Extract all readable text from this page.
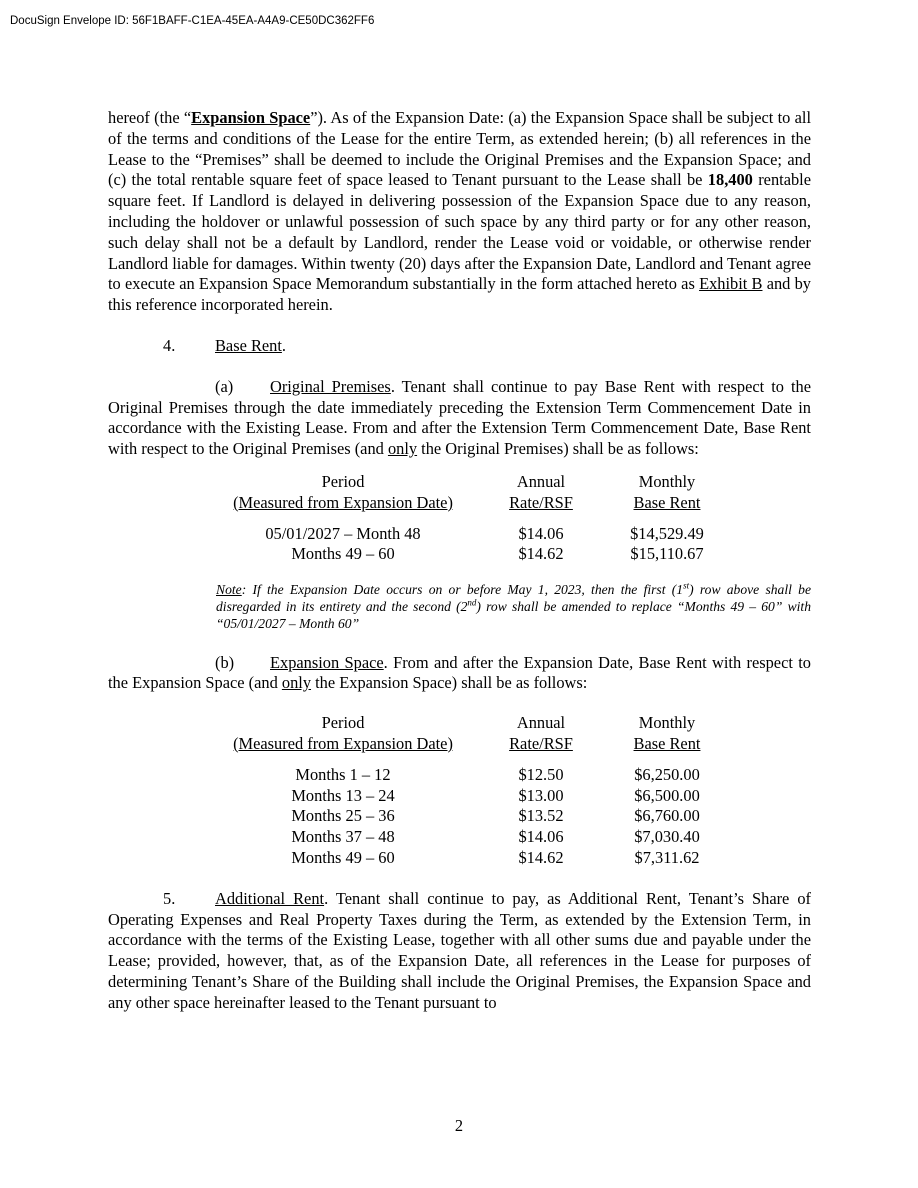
DocuSign Envelope ID: 56F1BAFF-C1EA-45EA-A4A9-CE50DC362FF6

hereof (the “Expansion Space”). As of the Expansion Date: (a) the Expansion Space shall be subject to all of the terms and conditions of the Lease for the entire Term, as extended herein; (b) all references in the Lease to the “Premises” shall be deemed to include the Original Premises and the Expansion Space; and (c) the total rentable square feet of space leased to Tenant pursuant to the Lease shall be 18,400 rentable square feet. If Landlord is delayed in delivering possession of the Expansion Space due to any reason, including the holdover or unlawful possession of such space by any third party or for any other reason, such delay shall not be a default by Landlord, render the Lease void or voidable, or otherwise render Landlord liable for damages. Within twenty (20) days after the Expansion Date, Landlord and Tenant agree to execute an Expansion Space Memorandum substantially in the form attached hereto as Exhibit B and by this reference incorporated herein.

4. Base Rent.

(a) Original Premises. Tenant shall continue to pay Base Rent with respect to the Original Premises through the date immediately preceding the Extension Term Commencement Date in accordance with the Existing Lease. From and after the Extension Term Commencement Date, Base Rent with respect to the Original Premises (and only the Original Premises) shall be as follows:

Period	Annual	Monthly
(Measured from Expansion Date)	Rate/RSF	Base Rent
05/01/2027 – Month 48	$14.06	$14,529.49
Months 49 – 60	$14.62	$15,110.67

Note: If the Expansion Date occurs on or before May 1, 2023, then the first (1st) row above shall be disregarded in its entirety and the second (2nd) row shall be amended to replace “Months 49 – 60” with “05/01/2027 – Month 60”

(b) Expansion Space. From and after the Expansion Date, Base Rent with respect to the Expansion Space (and only the Expansion Space) shall be as follows:

Period	Annual	Monthly
(Measured from Expansion Date)	Rate/RSF	Base Rent
Months 1 – 12	$12.50	$6,250.00
Months 13 – 24	$13.00	$6,500.00
Months 25 – 36	$13.52	$6,760.00
Months 37 – 48	$14.06	$7,030.40
Months 49 – 60	$14.62	$7,311.62

5. Additional Rent. Tenant shall continue to pay, as Additional Rent, Tenant’s Share of Operating Expenses and Real Property Taxes during the Term, as extended by the Extension Term, in accordance with the terms of the Existing Lease, together with all other sums due and payable under the Lease; provided, however, that, as of the Expansion Date, all references in the Lease for purposes of determining Tenant’s Share of the Building shall include the Original Premises, the Expansion Space and any other space hereinafter leased to the Tenant pursuant to

2
